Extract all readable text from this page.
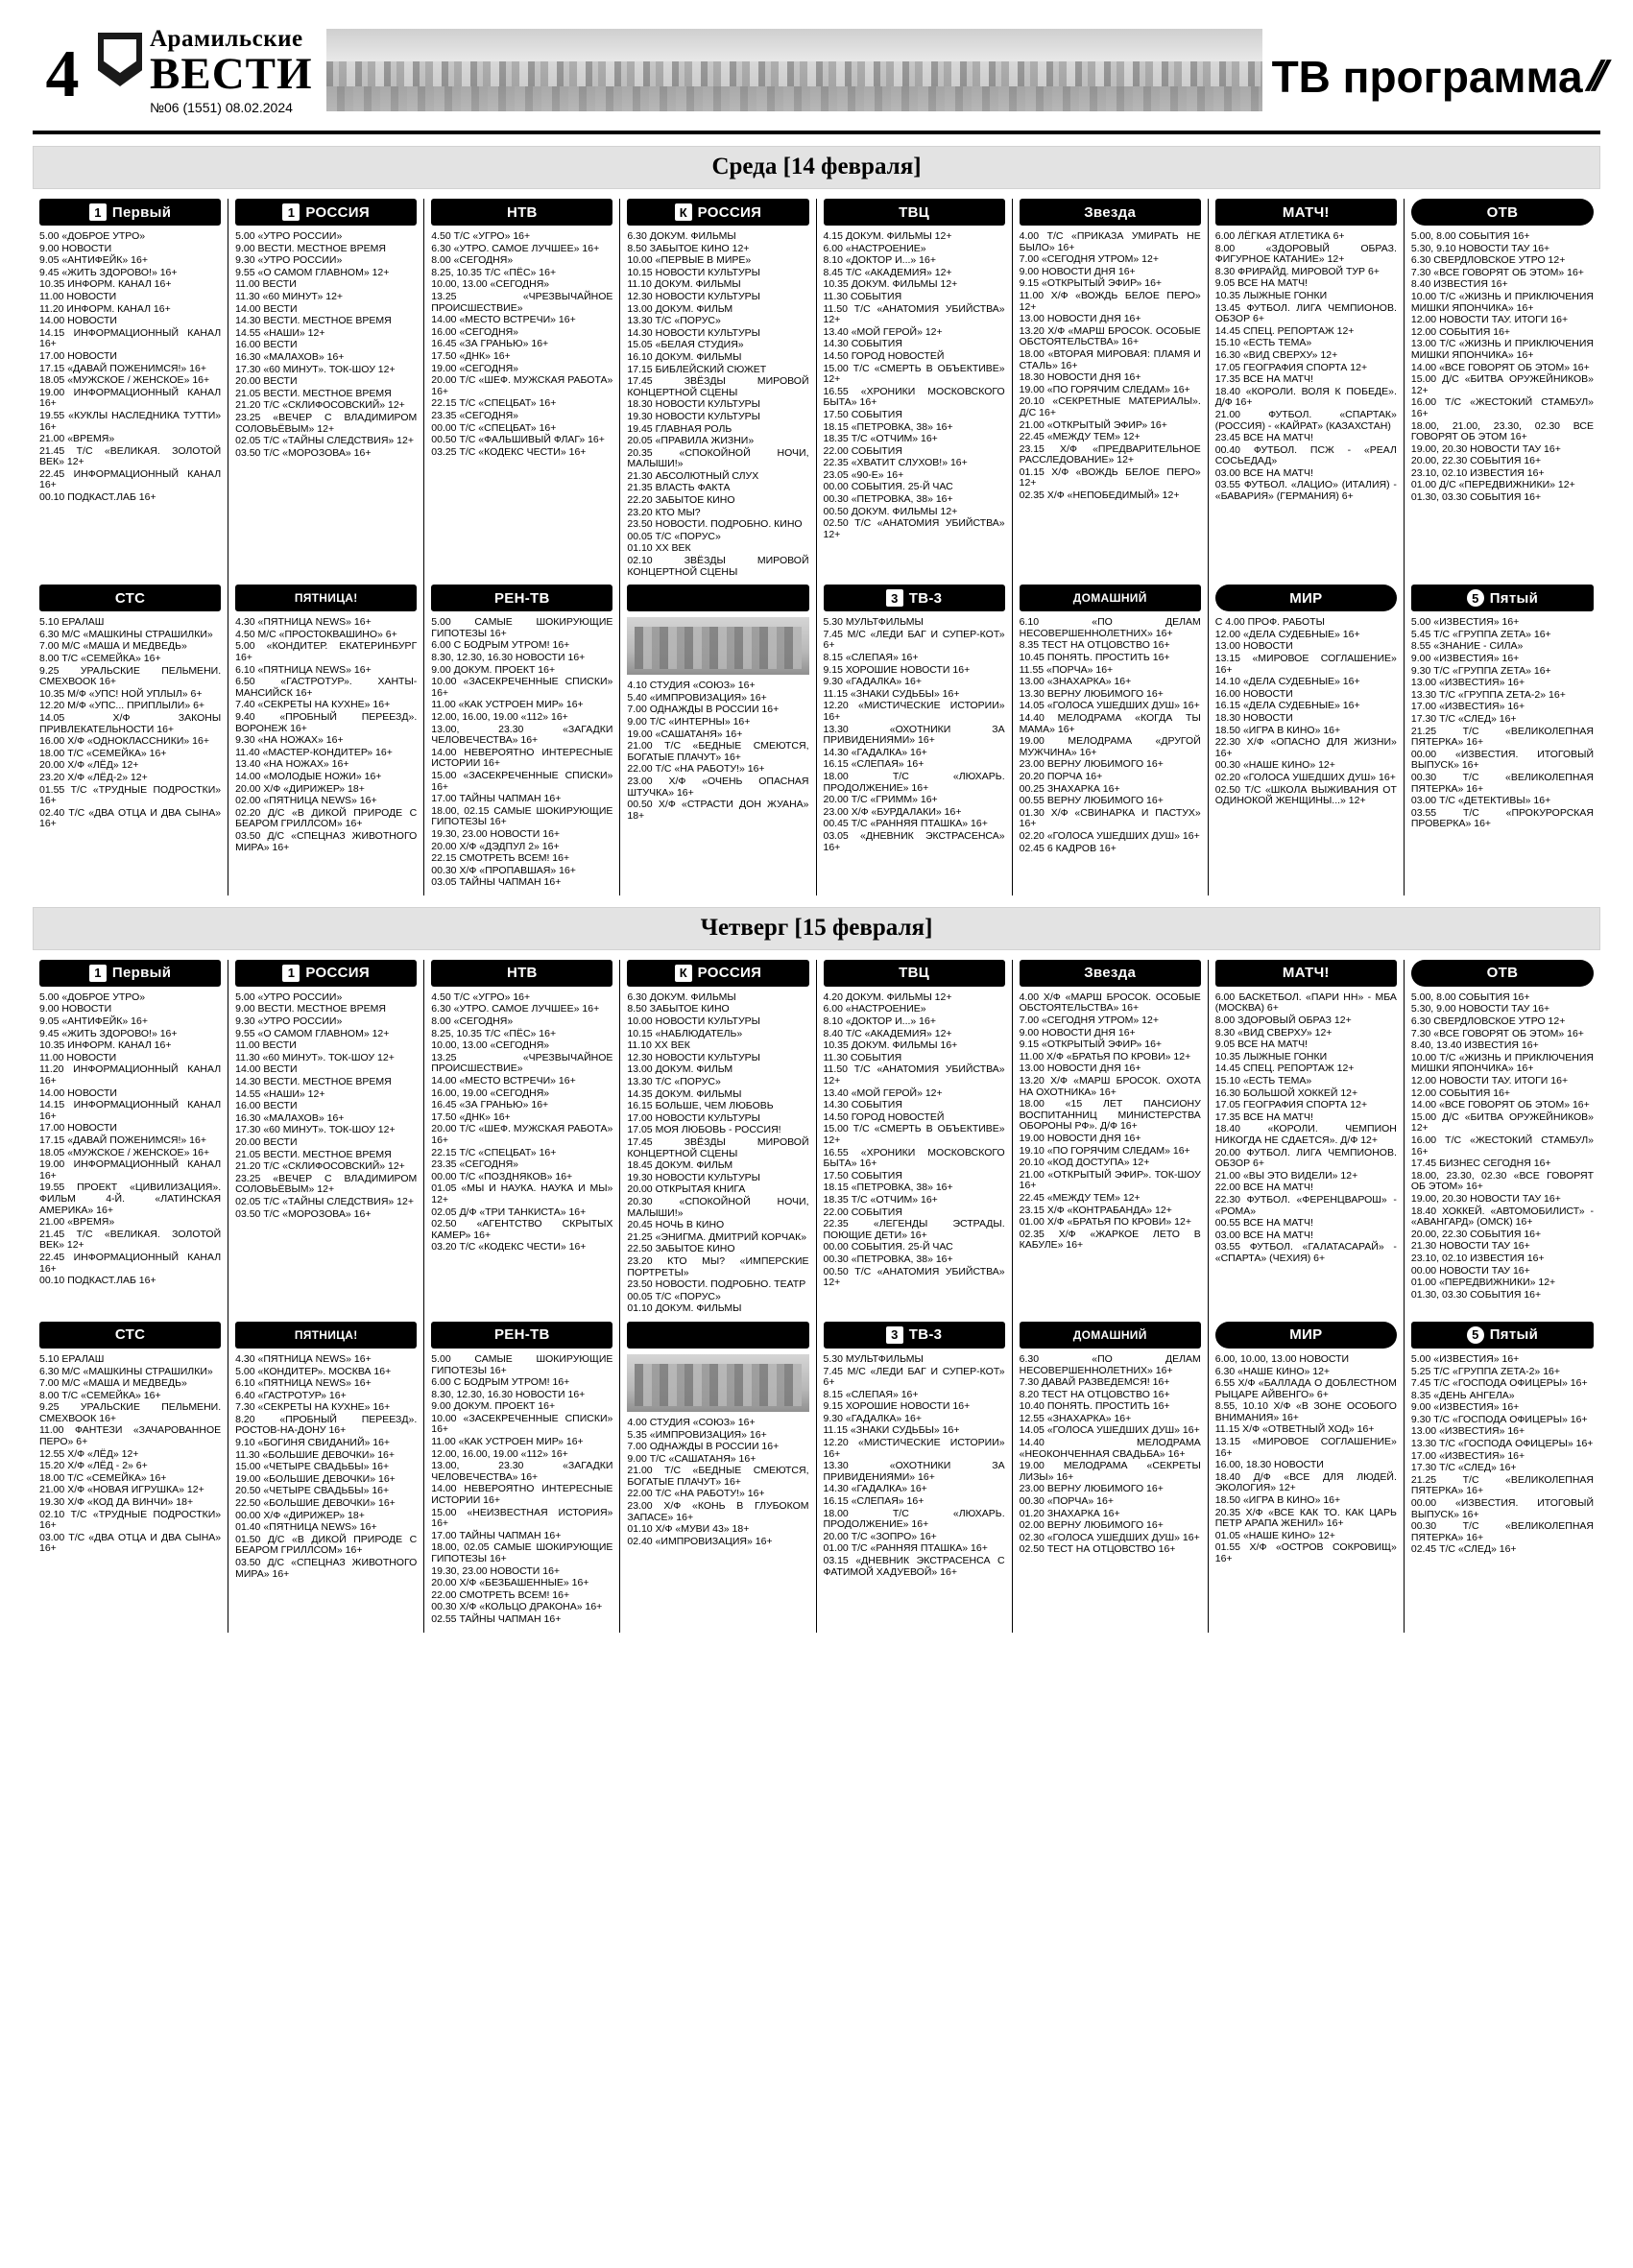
4	Арамильские
ВЕСТИ
№06 (1551) 08.02.2024
ТВ программа
//
Среда [14 февраля]
1 Первый
5.00 «ДОБРОЕ УТРО»
9.00 НОВОСТИ
9.05 «АНТИФЕЙК» 16+
9.45 «ЖИТЬ ЗДОРОВО!» 16+
10.35 ИНФОРМ. КАНАЛ 16+
11.00 НОВОСТИ
11.20 ИНФОРМ. КАНАЛ 16+
14.00 НОВОСТИ
14.15 ИНФОРМАЦИОННЫЙ КАНАЛ 16+
17.00 НОВОСТИ
17.15 «ДАВАЙ ПОЖЕНИМСЯ!» 16+
18.05 «МУЖСКОЕ / ЖЕНСКОЕ» 16+
19.00 ИНФОРМАЦИОННЫЙ КАНАЛ 16+
19.55 «КУКЛЫ НАСЛЕДНИКА ТУТТИ» 16+
21.00 «ВРЕМЯ»
21.45 Т/С «ВЕЛИКАЯ. ЗОЛОТОЙ ВЕК» 12+
22.45 ИНФОРМАЦИОННЫЙ КАНАЛ 16+
00.10 ПОДКАСТ.ЛАБ 16+
1 РОССИЯ
5.00 «УТРО РОССИИ»
9.00 ВЕСТИ. МЕСТНОЕ ВРЕМЯ
9.30 «УТРО РОССИИ»
9.55 «О САМОМ ГЛАВНОМ» 12+
11.00 ВЕСТИ
11.30 «60 МИНУТ» 12+
14.00 ВЕСТИ
14.30 ВЕСТИ. МЕСТНОЕ ВРЕМЯ
14.55 «НАШИ» 12+
16.00 ВЕСТИ
16.30 «МАЛАХОВ» 16+
17.30 «60 МИНУТ». ТОК-ШОУ 12+
20.00 ВЕСТИ
21.05 ВЕСТИ. МЕСТНОЕ ВРЕМЯ
21.20 Т/С «СКЛИФОСОВСКИЙ» 12+
23.25 «ВЕЧЕР С ВЛАДИМИРОМ СОЛОВЬЁВЫМ» 12+
02.05 Т/С «ТАЙНЫ СЛЕДСТВИЯ» 12+
03.50 Т/С «МОРОЗОВА» 16+
НТВ
4.50 Т/С «УГРО» 16+
6.30 «УТРО. САМОЕ ЛУЧШЕЕ» 16+
8.00 «СЕГОДНЯ»
8.25, 10.35 Т/С «ПЁС» 16+
10.00, 13.00 «СЕГОДНЯ»
13.25 «ЧРЕЗВЫЧАЙНОЕ ПРОИСШЕСТВИЕ»
14.00 «МЕСТО ВСТРЕЧИ» 16+
16.00 «СЕГОДНЯ»
16.45 «ЗА ГРАНЬЮ» 16+
17.50 «ДНК» 16+
19.00 «СЕГОДНЯ»
20.00 Т/С «ШЕФ. МУЖСКАЯ РАБОТА» 16+
22.15 Т/С «СПЕЦБАТ» 16+
23.35 «СЕГОДНЯ»
00.00 Т/С «СПЕЦБАТ» 16+
00.50 Т/С «ФАЛЬШИВЫЙ ФЛАГ» 16+
03.25 Т/С «КОДЕКС ЧЕСТИ» 16+
К РОССИЯ
6.30 ДОКУМ. ФИЛЬМЫ
8.50 ЗАБЫТОЕ КИНО 12+
10.00 «ПЕРВЫЕ В МИРЕ»
10.15 НОВОСТИ КУЛЬТУРЫ
11.10 ДОКУМ. ФИЛЬМЫ
12.30 НОВОСТИ КУЛЬТУРЫ
13.00 ДОКУМ. ФИЛЬМ
13.30 Т/С «ПОРУС»
14.30 НОВОСТИ КУЛЬТУРЫ
15.05 «БЕЛАЯ СТУДИЯ»
16.10 ДОКУМ. ФИЛЬМЫ
17.15 БИБЛЕЙСКИЙ СЮЖЕТ
17.45 ЗВЁЗДЫ МИРОВОЙ КОНЦЕРТНОЙ СЦЕНЫ
18.30 НОВОСТИ КУЛЬТУРЫ
19.30 НОВОСТИ КУЛЬТУРЫ
19.45 ГЛАВНАЯ РОЛЬ
20.05 «ПРАВИЛА ЖИЗНИ»
20.35 «СПОКОЙНОЙ НОЧИ, МАЛЫШИ!»
21.30 АБСОЛЮТНЫЙ СЛУХ
21.35 ВЛАСТЬ ФАКТА
22.20 ЗАБЫТОЕ КИНО
23.20 КТО МЫ?
23.50 НОВОСТИ. ПОДРОБНО. КИНО
00.05 Т/С «ПОРУС»
01.10 XX ВЕК
02.10 ЗВЁЗДЫ МИРОВОЙ КОНЦЕРТНОЙ СЦЕНЫ
ТВЦ
4.15 ДОКУМ. ФИЛЬМЫ 12+
6.00 «НАСТРОЕНИЕ»
8.10 «ДОКТОР И...» 16+
8.45 Т/С «АКАДЕМИЯ» 12+
10.35 ДОКУМ. ФИЛЬМЫ 12+
11.30 СОБЫТИЯ
11.50 Т/С «АНАТОМИЯ УБИЙСТВА» 12+
13.40 «МОЙ ГЕРОЙ» 12+
14.30 СОБЫТИЯ
14.50 ГОРОД НОВОСТЕЙ
15.00 Т/С «СМЕРТЬ В ОБЪЕКТИВЕ» 12+
16.55 «ХРОНИКИ МОСКОВСКОГО БЫТА» 16+
17.50 СОБЫТИЯ
18.15 «ПЕТРОВКА, 38» 16+
18.35 Т/С «ОТЧИМ» 16+
22.00 СОБЫТИЯ
22.35 «ХВАТИТ СЛУХОВ!» 16+
23.05 «90-Е» 16+
00.00 СОБЫТИЯ. 25-Й ЧАС
00.30 «ПЕТРОВКА, 38» 16+
00.50 ДОКУМ. ФИЛЬМЫ 12+
02.50 Т/С «АНАТОМИЯ УБИЙСТВА» 12+
Звезда
4.00 Т/С «ПРИКАЗА УМИРАТЬ НЕ БЫЛО» 16+
7.00 «СЕГОДНЯ УТРОМ» 12+
9.00 НОВОСТИ ДНЯ 16+
9.15 «ОТКРЫТЫЙ ЭФИР» 16+
11.00 Х/Ф «ВОЖДЬ БЕЛОЕ ПЕРО» 12+
13.00 НОВОСТИ ДНЯ 16+
13.20 Х/Ф «МАРШ БРОСОК. ОСОБЫЕ ОБСТОЯТЕЛЬСТВА» 16+
18.00 «ВТОРАЯ МИРОВАЯ: ПЛАМЯ И СТАЛЬ» 16+
18.30 НОВОСТИ ДНЯ 16+
19.00 «ПО ГОРЯЧИМ СЛЕДАМ» 16+
20.10 «СЕКРЕТНЫЕ МАТЕРИАЛЫ». Д/С 16+
21.00 «ОТКРЫТЫЙ ЭФИР» 16+
22.45 «МЕЖДУ ТЕМ» 12+
23.15 Х/Ф «ПРЕДВАРИТЕЛЬНОЕ РАССЛЕДОВАНИЕ» 12+
01.15 Х/Ф «ВОЖДЬ БЕЛОЕ ПЕРО» 12+
02.35 Х/Ф «НЕПОБЕДИМЫЙ» 12+
МАТЧ!
6.00 ЛЁГКАЯ АТЛЕТИКА 6+
8.00 «ЗДОРОВЫЙ ОБРАЗ. ФИГУРНОЕ КАТАНИЕ» 12+
8.30 ФРИРАЙД. МИРОВОЙ ТУР 6+
9.05 ВСЕ НА МАТЧ!
10.35 ЛЫЖНЫЕ ГОНКИ
13.45 ФУТБОЛ. ЛИГА ЧЕМПИОНОВ. ОБЗОР 6+
14.45 СПЕЦ. РЕПОРТАЖ 12+
15.10 «ЕСТЬ ТЕМА»
16.30 «ВИД СВЕРХУ» 12+
17.05 ГЕОГРАФИЯ СПОРТА 12+
17.35 ВСЕ НА МАТЧ!
18.40 «КОРОЛИ. ВОЛЯ К ПОБЕДЕ». Д/Ф 16+
21.00 ФУТБОЛ. «СПАРТАК» (РОССИЯ) - «КАЙРАТ» (КАЗАХСТАН)
23.45 ВСЕ НА МАТЧ!
00.40 ФУТБОЛ. ПСЖ - «РЕАЛ СОСЬЕДАД»
03.00 ВСЕ НА МАТЧ!
03.55 ФУТБОЛ. «ЛАЦИО» (ИТАЛИЯ) - «БАВАРИЯ» (ГЕРМАНИЯ) 6+
ОТВ
5.00, 8.00 СОБЫТИЯ 16+
5.30, 9.10 НОВОСТИ ТАУ 16+
6.30 СВЕРДЛОВСКОЕ УТРО 12+
7.30 «ВСЕ ГОВОРЯТ ОБ ЭТОМ» 16+
8.40 ИЗВЕСТИЯ 16+
10.00 Т/С «ЖИЗНЬ И ПРИКЛЮЧЕНИЯ МИШКИ ЯПОНЧИКА» 16+
12.00 НОВОСТИ ТАУ. ИТОГИ 16+
12.00 СОБЫТИЯ 16+
13.00 Т/С «ЖИЗНЬ И ПРИКЛЮЧЕНИЯ МИШКИ ЯПОНЧИКА» 16+
14.00 «ВСЕ ГОВОРЯТ ОБ ЭТОМ» 16+
15.00 Д/С «БИТВА ОРУЖЕЙНИКОВ» 12+
16.00 Т/С «ЖЕСТОКИЙ СТАМБУЛ» 16+
18.00, 21.00, 23.30, 02.30 ВСЕ ГОВОРЯТ ОБ ЭТОМ 16+
19.00, 20.30 НОВОСТИ ТАУ 16+
20.00, 22.30 СОБЫТИЯ 16+
23.10, 02.10 ИЗВЕСТИЯ 16+
01.00 Д/С «ПЕРЕДВИЖНИКИ» 12+
01.30, 03.30 СОБЫТИЯ 16+
СТС
5.10 ЕРАЛАШ
6.30 М/С «МАШКИНЫ СТРАШИЛКИ»
7.00 М/С «МАША И МЕДВЕДЬ»
8.00 Т/С «СЕМЕЙКА» 16+
9.25 УРАЛЬСКИЕ ПЕЛЬМЕНИ. СМЕХВООК 16+
10.35 М/Ф «УПС! НОЙ УПЛЫЛ» 6+
12.20 М/Ф «УПС... ПРИПЛЫЛИ» 6+
14.05 Х/Ф ЗАКОНЫ ПРИВЛЕКАТЕЛЬНОСТИ 16+
16.00 Х/Ф «ОДНОКЛАССНИКИ» 16+
18.00 Т/С «СЕМЕЙКА» 16+
20.00 Х/Ф «ЛЁД» 12+
23.20 Х/Ф «ЛЁД-2» 12+
01.55 Т/С «ТРУДНЫЕ ПОДРОСТКИ» 16+
02.40 Т/С «ДВА ОТЦА И ДВА СЫНА» 16+
ПЯТНИЦА!
4.30 «ПЯТНИЦА NEWS» 16+
4.50 М/С «ПРОСТОКВАШИНО» 6+
5.00 «КОНДИТЕР. ЕКАТЕРИНБУРГ 16+
6.10 «ПЯТНИЦА NEWS» 16+
6.50 «ГАСТРОТУР». ХАНТЫ-МАНСИЙСК 16+
7.40 «СЕКРЕТЫ НА КУХНЕ» 16+
9.40 «ПРОБНЫЙ ПЕРЕЕЗД». ВОРОНЕЖ 16+
9.30 «НА НОЖАХ» 16+
11.40 «МАСТЕР-КОНДИТЕР» 16+
13.40 «НА НОЖАХ» 16+
14.00 «МОЛОДЫЕ НОЖИ» 16+
20.00 Х/Ф «ДИРИЖЕР» 18+
02.00 «ПЯТНИЦА NEWS» 16+
02.20 Д/С «В ДИКОЙ ПРИРОДЕ С БЕАРОМ ГРИЛЛСОМ» 16+
03.50 Д/С «СПЕЦНАЗ ЖИВОТНОГО МИРА» 16+
РЕН-ТВ
5.00 САМЫЕ ШОКИРУЮЩИЕ ГИПОТЕЗЫ 16+
6.00 С БОДРЫМ УТРОМ! 16+
8.30, 12.30, 16.30 НОВОСТИ 16+
9.00 ДОКУМ. ПРОЕКТ 16+
10.00 «ЗАСЕКРЕЧЕННЫЕ СПИСКИ» 16+
11.00 «КАК УСТРОЕН МИР» 16+
12.00, 16.00, 19.00 «112» 16+
13.00, 23.30 «ЗАГАДКИ ЧЕЛОВЕЧЕСТВА» 16+
14.00 НЕВЕРОЯТНО ИНТЕРЕСНЫЕ ИСТОРИИ 16+
15.00 «ЗАСЕКРЕЧЕННЫЕ СПИСКИ» 16+
17.00 ТАЙНЫ ЧАПМАН 16+
18.00, 02.15 САМЫЕ ШОКИРУЮЩИЕ ГИПОТЕЗЫ 16+
19.30, 23.00 НОВОСТИ 16+
20.00 Х/Ф «ДЭДПУЛ 2» 16+
22.15 СМОТРЕТЬ ВСЕМ! 16+
00.30 Х/Ф «ПРОПАВШАЯ» 16+
03.05 ТАЙНЫ ЧАПМАН 16+
4.10 СТУДИЯ «СОЮЗ» 16+
5.40 «ИМПРОВИЗАЦИЯ» 16+
7.00 ОДНАЖДЫ В РОССИИ 16+
9.00 Т/С «ИНТЕРНЫ» 16+
19.00 «САШАТАНЯ» 16+
21.00 Т/С «БЕДНЫЕ СМЕЮТСЯ, БОГАТЫЕ ПЛАЧУТ» 16+
22.00 Т/С «НА РАБОТУ!» 16+
23.00 Х/Ф «ОЧЕНЬ ОПАСНАЯ ШТУЧКА» 16+
00.50 Х/Ф «СТРАСТИ ДОН ЖУАНА» 18+
3 ТВ-3
5.30 МУЛЬТФИЛЬМЫ
7.45 М/С «ЛЕДИ БАГ И СУПЕР-КОТ» 6+
8.15 «СЛЕПАЯ» 16+
9.15 ХОРОШИЕ НОВОСТИ 16+
9.30 «ГАДАЛКА» 16+
11.15 «ЗНАКИ СУДЬБЫ» 16+
12.20 «МИСТИЧЕСКИЕ ИСТОРИИ» 16+
13.30 «ОХОТНИКИ ЗА ПРИВИДЕНИЯМИ» 16+
14.30 «ГАДАЛКА» 16+
16.15 «СЛЕПАЯ» 16+
18.00 Т/С «ЛЮХАРЬ. ПРОДОЛЖЕНИЕ» 16+
20.00 Т/С «ГРИММ» 16+
23.00 Х/Ф «БУРДАЛАКИ» 16+
00.45 Т/С «РАННЯЯ ПТАШКА» 16+
03.05 «ДНЕВНИК ЭКСТРАСЕНСА» 16+
ДОМАШНИЙ
6.10 «ПО ДЕЛАМ НЕСОВЕРШЕННОЛЕТНИХ» 16+
8.35 ТЕСТ НА ОТЦОВСТВО 16+
10.45 ПОНЯТЬ. ПРОСТИТЬ 16+
11.55 «ПОРЧА» 16+
13.00 «ЗНАХАРКА» 16+
13.30 ВЕРНУ ЛЮБИМОГО 16+
14.05 «ГОЛОСА УШЕДШИХ ДУШ» 16+
14.40 МЕЛОДРАМА «КОГДА ТЫ МАМА» 16+
19.00 МЕЛОДРАМА «ДРУГОЙ МУЖЧИНА» 16+
23.00 ВЕРНУ ЛЮБИМОГО 16+
20.20 ПОРЧА 16+
00.25 ЗНАХАРКА 16+
00.55 ВЕРНУ ЛЮБИМОГО 16+
01.30 Х/Ф «СВИНАРКА И ПАСТУХ» 16+
02.20 «ГОЛОСА УШЕДШИХ ДУШ» 16+
02.45 6 КАДРОВ 16+
МИР
С 4.00 ПРОФ. РАБОТЫ
12.00 «ДЕЛА СУДЕБНЫЕ» 16+
13.00 НОВОСТИ
13.15 «МИРОВОЕ СОГЛАШЕНИЕ» 16+
14.10 «ДЕЛА СУДЕБНЫЕ» 16+
16.00 НОВОСТИ
16.15 «ДЕЛА СУДЕБНЫЕ» 16+
18.30 НОВОСТИ
18.50 «ИГРА В КИНО» 16+
22.30 Х/Ф «ОПАСНО ДЛЯ ЖИЗНИ» 16+
00.30 «НАШЕ КИНО» 12+
02.20 «ГОЛОСА УШЕДШИХ ДУШ» 16+
02.50 Т/С «ШКОЛА ВЫЖИВАНИЯ ОТ ОДИНОКОЙ ЖЕНЩИНЫ...» 12+
5 Пятый
5.00 «ИЗВЕСТИЯ» 16+
5.45 Т/С «ГРУППА ZETA» 16+
8.55 «ЗНАНИЕ - СИЛА»
9.00 «ИЗВЕСТИЯ» 16+
9.30 Т/С «ГРУППА ZETA» 16+
13.00 «ИЗВЕСТИЯ» 16+
13.30 Т/С «ГРУППА ZETA-2» 16+
17.00 «ИЗВЕСТИЯ» 16+
17.30 Т/С «СЛЕД» 16+
21.25 Т/С «ВЕЛИКОЛЕПНАЯ ПЯТЕРКА» 16+
00.00 «ИЗВЕСТИЯ. ИТОГОВЫЙ ВЫПУСК» 16+
00.30 Т/С «ВЕЛИКОЛЕПНАЯ ПЯТЕРКА» 16+
03.00 Т/С «ДЕТЕКТИВЫ» 16+
03.55 Т/С «ПРОКУРОРСКАЯ ПРОВЕРКА» 16+
Четверг [15 февраля]
1 Первый
5.00 «ДОБРОЕ УТРО»
9.00 НОВОСТИ
9.05 «АНТИФЕЙК» 16+
9.45 «ЖИТЬ ЗДОРОВО!» 16+
10.35 ИНФОРМ. КАНАЛ 16+
11.00 НОВОСТИ
11.20 ИНФОРМАЦИОННЫЙ КАНАЛ 16+
14.00 НОВОСТИ
14.15 ИНФОРМАЦИОННЫЙ КАНАЛ 16+
17.00 НОВОСТИ
17.15 «ДАВАЙ ПОЖЕНИМСЯ!» 16+
18.05 «МУЖСКОЕ / ЖЕНСКОЕ» 16+
19.00 ИНФОРМАЦИОННЫЙ КАНАЛ 16+
19.55 ПРОЕКТ «ЦИВИЛИЗАЦИЯ». ФИЛЬМ 4-Й. «ЛАТИНСКАЯ АМЕРИКА» 16+
21.00 «ВРЕМЯ»
21.45 Т/С «ВЕЛИКАЯ. ЗОЛОТОЙ ВЕК» 12+
22.45 ИНФОРМАЦИОННЫЙ КАНАЛ 16+
00.10 ПОДКАСТ.ЛАБ 16+
1 РОССИЯ
5.00 «УТРО РОССИИ»
9.00 ВЕСТИ. МЕСТНОЕ ВРЕМЯ
9.30 «УТРО РОССИИ»
9.55 «О САМОМ ГЛАВНОМ» 12+
11.00 ВЕСТИ
11.30 «60 МИНУТ». ТОК-ШОУ 12+
14.00 ВЕСТИ
14.30 ВЕСТИ. МЕСТНОЕ ВРЕМЯ
14.55 «НАШИ» 12+
16.00 ВЕСТИ
16.30 «МАЛАХОВ» 16+
17.30 «60 МИНУТ». ТОК-ШОУ 12+
20.00 ВЕСТИ
21.05 ВЕСТИ. МЕСТНОЕ ВРЕМЯ
21.20 Т/С «СКЛИФОСОВСКИЙ» 12+
23.25 «ВЕЧЕР С ВЛАДИМИРОМ СОЛОВЬЁВЫМ» 12+
02.05 Т/С «ТАЙНЫ СЛЕДСТВИЯ» 12+
03.50 Т/С «МОРОЗОВА» 16+
НТВ
4.50 Т/С «УГРО» 16+
6.30 «УТРО. САМОЕ ЛУЧШЕЕ» 16+
8.00 «СЕГОДНЯ»
8.25, 10.35 Т/С «ПЁС» 16+
10.00, 13.00 «СЕГОДНЯ»
13.25 «ЧРЕЗВЫЧАЙНОЕ ПРОИСШЕСТВИЕ»
14.00 «МЕСТО ВСТРЕЧИ» 16+
16.00, 19.00 «СЕГОДНЯ»
16.45 «ЗА ГРАНЬЮ» 16+
17.50 «ДНК» 16+
20.00 Т/С «ШЕФ. МУЖСКАЯ РАБОТА» 16+
22.15 Т/С «СПЕЦБАТ» 16+
23.35 «СЕГОДНЯ»
00.00 Т/С «ПОЗДНЯКОВ» 16+
01.05 «МЫ И НАУКА. НАУКА И МЫ» 12+
02.05 Д/Ф «ТРИ ТАНКИСТА» 16+
02.50 «АГЕНТСТВО СКРЫТЫХ КАМЕР» 16+
03.20 Т/С «КОДЕКС ЧЕСТИ» 16+
К РОССИЯ
6.30 ДОКУМ. ФИЛЬМЫ
8.50 ЗАБЫТОЕ КИНО
10.00 НОВОСТИ КУЛЬТУРЫ
10.15 «НАБЛЮДАТЕЛЬ»
11.10 XX ВЕК
12.30 НОВОСТИ КУЛЬТУРЫ
13.00 ДОКУМ. ФИЛЬМ
13.30 Т/С «ПОРУС»
14.35 ДОКУМ. ФИЛЬМЫ
16.15 БОЛЬШЕ, ЧЕМ ЛЮБОВЬ
17.00 НОВОСТИ КУЛЬТУРЫ
17.05 МОЯ ЛЮБОВЬ - РОССИЯ!
17.45 ЗВЁЗДЫ МИРОВОЙ КОНЦЕРТНОЙ СЦЕНЫ
18.45 ДОКУМ. ФИЛЬМ
19.30 НОВОСТИ КУЛЬТУРЫ
20.00 ОТКРЫТАЯ КНИГА
20.30 «СПОКОЙНОЙ НОЧИ, МАЛЫШИ!»
20.45 НОЧЬ В КИНО
21.25 «ЭНИГМА. ДМИТРИЙ КОРЧАК»
22.50 ЗАБЫТОЕ КИНО
23.20 КТО МЫ? «ИМПЕРСКИЕ ПОРТРЕТЫ»
23.50 НОВОСТИ. ПОДРОБНО. ТЕАТР
00.05 Т/С «ПОРУС»
01.10 ДОКУМ. ФИЛЬМЫ
ТВЦ
4.20 ДОКУМ. ФИЛЬМЫ 12+
6.00 «НАСТРОЕНИЕ»
8.10 «ДОКТОР И...» 16+
8.40 Т/С «АКАДЕМИЯ» 12+
10.35 ДОКУМ. ФИЛЬМЫ 16+
11.30 СОБЫТИЯ
11.50 Т/С «АНАТОМИЯ УБИЙСТВА» 12+
13.40 «МОЙ ГЕРОЙ» 12+
14.30 СОБЫТИЯ
14.50 ГОРОД НОВОСТЕЙ
15.00 Т/С «СМЕРТЬ В ОБЪЕКТИВЕ» 12+
16.55 «ХРОНИКИ МОСКОВСКОГО БЫТА» 16+
17.50 СОБЫТИЯ
18.15 «ПЕТРОВКА, 38» 16+
18.35 Т/С «ОТЧИМ» 16+
22.00 СОБЫТИЯ
22.35 «ЛЕГЕНДЫ ЭСТРАДЫ. ПОЮЩИЕ ДЕТИ» 16+
00.00 СОБЫТИЯ. 25-Й ЧАС
00.30 «ПЕТРОВКА, 38» 16+
00.50 Т/С «АНАТОМИЯ УБИЙСТВА» 12+
Звезда
4.00 Х/Ф «МАРШ БРОСОК. ОСОБЫЕ ОБСТОЯТЕЛЬСТВА» 16+
7.00 «СЕГОДНЯ УТРОМ» 12+
9.00 НОВОСТИ ДНЯ 16+
9.15 «ОТКРЫТЫЙ ЭФИР» 16+
11.00 Х/Ф «БРАТЬЯ ПО КРОВИ» 12+
13.00 НОВОСТИ ДНЯ 16+
13.20 Х/Ф «МАРШ БРОСОК. ОХОТА НА ОХОТНИКА» 16+
18.00 «15 ЛЕТ ПАНСИОНУ ВОСПИТАННИЦ МИНИСТЕРСТВА ОБОРОНЫ РФ». Д/Ф 16+
19.00 НОВОСТИ ДНЯ 16+
19.10 «ПО ГОРЯЧИМ СЛЕДАМ» 16+
20.10 «КОД ДОСТУПА» 12+
21.00 «ОТКРЫТЫЙ ЭФИР». ТОК-ШОУ 16+
22.45 «МЕЖДУ ТЕМ» 12+
23.15 Х/Ф «КОНТРАБАНДА» 12+
01.00 Х/Ф «БРАТЬЯ ПО КРОВИ» 12+
02.35 Х/Ф «ЖАРКОЕ ЛЕТО В КАБУЛЕ» 16+
МАТЧ!
6.00 БАСКЕТБОЛ. «ПАРИ НН» - МБА (МОСКВА) 6+
8.00 ЗДОРОВЫЙ ОБРАЗ 12+
8.30 «ВИД СВЕРХУ» 12+
9.05 ВСЕ НА МАТЧ!
10.35 ЛЫЖНЫЕ ГОНКИ
14.45 СПЕЦ. РЕПОРТАЖ 12+
15.10 «ЕСТЬ ТЕМА»
16.30 БОЛЬШОЙ ХОККЕЙ 12+
17.05 ГЕОГРАФИЯ СПОРТА 12+
17.35 ВСЕ НА МАТЧ!
18.40 «КОРОЛИ. ЧЕМПИОН НИКОГДА НЕ СДАЕТСЯ». Д/Ф 12+
20.00 ФУТБОЛ. ЛИГА ЧЕМПИОНОВ. ОБЗОР 6+
21.00 «ВЫ ЭТО ВИДЕЛИ» 12+
22.00 ВСЕ НА МАТЧ!
22.30 ФУТБОЛ. «ФЕРЕНЦВАРОШ» - «РОМА»
00.55 ВСЕ НА МАТЧ!
03.00 ВСЕ НА МАТЧ!
03.55 ФУТБОЛ. «ГАЛАТАСАРАЙ» - «СПАРТА» (ЧЕХИЯ) 6+
ОТВ
5.00, 8.00 СОБЫТИЯ 16+
5.30, 9.00 НОВОСТИ ТАУ 16+
6.30 СВЕРДЛОВСКОЕ УТРО 12+
7.30 «ВСЕ ГОВОРЯТ ОБ ЭТОМ» 16+
8.40, 13.40 ИЗВЕСТИЯ 16+
10.00 Т/С «ЖИЗНЬ И ПРИКЛЮЧЕНИЯ МИШКИ ЯПОНЧИКА» 16+
12.00 НОВОСТИ ТАУ. ИТОГИ 16+
12.00 СОБЫТИЯ 16+
14.00 «ВСЕ ГОВОРЯТ ОБ ЭТОМ» 16+
15.00 Д/С «БИТВА ОРУЖЕЙНИКОВ» 12+
16.00 Т/С «ЖЕСТОКИЙ СТАМБУЛ» 16+
17.45 БИЗНЕС СЕГОДНЯ 16+
18.00, 23.30, 02.30 «ВСЕ ГОВОРЯТ ОБ ЭТОМ» 16+
19.00, 20.30 НОВОСТИ ТАУ 16+
18.40 ХОККЕЙ. «АВТОМОБИЛИСТ» - «АВАНГАРД» (ОМСК) 16+
20.00, 22.30 СОБЫТИЯ 16+
21.30 НОВОСТИ ТАУ 16+
23.10, 02.10 ИЗВЕСТИЯ 16+
00.00 НОВОСТИ ТАУ 16+
01.00 «ПЕРЕДВИЖНИКИ» 12+
01.30, 03.30 СОБЫТИЯ 16+
СТС
5.10 ЕРАЛАШ
6.30 М/С «МАШКИНЫ СТРАШИЛКИ»
7.00 М/С «МАША И МЕДВЕДЬ»
8.00 Т/С «СЕМЕЙКА» 16+
9.25 УРАЛЬСКИЕ ПЕЛЬМЕНИ. СМЕХВООК 16+
11.00 ФАНТЕЗИ «ЗАЧАРОВАННОЕ ПЕРО» 6+
12.55 Х/Ф «ЛЁД» 12+
15.20 Х/Ф «ЛЁД - 2» 6+
18.00 Т/С «СЕМЕЙКА» 16+
21.00 Х/Ф «НОВАЯ ИГРУШКА» 12+
19.30 Х/Ф «КОД ДА ВИНЧИ» 18+
02.10 Т/С «ТРУДНЫЕ ПОДРОСТКИ» 16+
03.00 Т/С «ДВА ОТЦА И ДВА СЫНА» 16+
ПЯТНИЦА!
4.30 «ПЯТНИЦА NEWS» 16+
5.00 «КОНДИТЕР». МОСКВА 16+
6.10 «ПЯТНИЦА NEWS» 16+
6.40 «ГАСТРОТУР» 16+
7.30 «СЕКРЕТЫ НА КУХНЕ» 16+
8.20 «ПРОБНЫЙ ПЕРЕЕЗД». РОСТОВ-НА-ДОНУ 16+
9.10 «БОГИНЯ СВИДАНИЙ» 16+
11.30 «БОЛЬШИЕ ДЕВОЧКИ» 16+
15.00 «ЧЕТЫРЕ СВАДЬБЫ» 16+
19.00 «БОЛЬШИЕ ДЕВОЧКИ» 16+
20.50 «ЧЕТЫРЕ СВАДЬБЫ» 16+
22.50 «БОЛЬШИЕ ДЕВОЧКИ» 16+
00.00 Х/Ф «ДИРИЖЕР» 18+
01.40 «ПЯТНИЦА NEWS» 16+
01.50 Д/С «В ДИКОЙ ПРИРОДЕ С БЕАРОМ ГРИЛЛСОМ» 16+
03.50 Д/С «СПЕЦНАЗ ЖИВОТНОГО МИРА» 16+
РЕН-ТВ
5.00 САМЫЕ ШОКИРУЮЩИЕ ГИПОТЕЗЫ 16+
6.00 С БОДРЫМ УТРОМ! 16+
8.30, 12.30, 16.30 НОВОСТИ 16+
9.00 ДОКУМ. ПРОЕКТ 16+
10.00 «ЗАСЕКРЕЧЕННЫЕ СПИСКИ» 16+
11.00 «КАК УСТРОЕН МИР» 16+
12.00, 16.00, 19.00 «112» 16+
13.00, 23.30 «ЗАГАДКИ ЧЕЛОВЕЧЕСТВА» 16+
14.00 НЕВЕРОЯТНО ИНТЕРЕСНЫЕ ИСТОРИИ 16+
15.00 «НЕИЗВЕСТНАЯ ИСТОРИЯ» 16+
17.00 ТАЙНЫ ЧАПМАН 16+
18.00, 02.05 САМЫЕ ШОКИРУЮЩИЕ ГИПОТЕЗЫ 16+
19.30, 23.00 НОВОСТИ 16+
20.00 Х/Ф «БЕЗБАШЕННЫЕ» 16+
22.00 СМОТРЕТЬ ВСЕМ! 16+
00.30 Х/Ф «КОЛЬЦО ДРАКОНА» 16+
02.55 ТАЙНЫ ЧАПМАН 16+
4.00 СТУДИЯ «СОЮЗ» 16+
5.35 «ИМПРОВИЗАЦИЯ» 16+
7.00 ОДНАЖДЫ В РОССИИ 16+
9.00 Т/С «САШАТАНЯ» 16+
21.00 Т/С «БЕДНЫЕ СМЕЮТСЯ, БОГАТЫЕ ПЛАЧУТ» 16+
22.00 Т/С «НА РАБОТУ!» 16+
23.00 Х/Ф «КОНЬ В ГЛУБОКОМ ЗАПАСЕ» 16+
01.10 Х/Ф «МУВИ 43» 18+
02.40 «ИМПРОВИЗАЦИЯ» 16+
3 ТВ-3
5.30 МУЛЬТФИЛЬМЫ
7.45 М/С «ЛЕДИ БАГ И СУПЕР-КОТ» 6+
8.15 «СЛЕПАЯ» 16+
9.15 ХОРОШИЕ НОВОСТИ 16+
9.30 «ГАДАЛКА» 16+
11.15 «ЗНАКИ СУДЬБЫ» 16+
12.20 «МИСТИЧЕСКИЕ ИСТОРИИ» 16+
13.30 «ОХОТНИКИ ЗА ПРИВИДЕНИЯМИ» 16+
14.30 «ГАДАЛКА» 16+
16.15 «СЛЕПАЯ» 16+
18.00 Т/С «ЛЮХАРЬ. ПРОДОЛЖЕНИЕ» 16+
20.00 Т/С «ЗОПРО» 16+
01.00 Т/С «РАННЯЯ ПТАШКА» 16+
03.15 «ДНЕВНИК ЭКСТРАСЕНСА С ФАТИМОЙ ХАДУЕВОЙ» 16+
ДОМАШНИЙ
6.30 «ПО ДЕЛАМ НЕСОВЕРШЕННОЛЕТНИХ» 16+
7.30 ДАВАЙ РАЗВЕДЕМСЯ! 16+
8.20 ТЕСТ НА ОТЦОВСТВО 16+
10.40 ПОНЯТЬ. ПРОСТИТЬ 16+
12.55 «ЗНАХАРКА» 16+
14.05 «ГОЛОСА УШЕДШИХ ДУШ» 16+
14.40 МЕЛОДРАМА «НЕОКОНЧЕННАЯ СВАДЬБА» 16+
19.00 МЕЛОДРАМА «СЕКРЕТЫ ЛИЗЫ» 16+
23.00 ВЕРНУ ЛЮБИМОГО 16+
00.30 «ПОРЧА» 16+
01.20 ЗНАХАРКА 16+
02.00 ВЕРНУ ЛЮБИМОГО 16+
02.30 «ГОЛОСА УШЕДШИХ ДУШ» 16+
02.50 ТЕСТ НА ОТЦОВСТВО 16+
МИР
6.00, 10.00, 13.00 НОВОСТИ
6.30 «НАШЕ КИНО» 12+
6.55 Х/Ф «БАЛЛАДА О ДОБЛЕСТНОМ РЫЦАРЕ АЙВЕНГО» 6+
8.55, 10.10 Х/Ф «В ЗОНЕ ОСОБОГО ВНИМАНИЯ» 16+
11.15 Х/Ф «ОТВЕТНЫЙ ХОД» 16+
13.15 «МИРОВОЕ СОГЛАШЕНИЕ» 16+
16.00, 18.30 НОВОСТИ
18.40 Д/Ф «ВСЕ ДЛЯ ЛЮДЕЙ. ЭКОЛОГИЯ» 12+
18.50 «ИГРА В КИНО» 16+
20.35 Х/Ф «ВСЕ КАК ТО. КАК ЦАРЬ ПЕТР АРАПА ЖЕНИЛ» 16+
01.05 «НАШЕ КИНО» 12+
01.55 Х/Ф «ОСТРОВ СОКРОВИЩ» 16+
5 Пятый
5.00 «ИЗВЕСТИЯ» 16+
5.25 Т/С «ГРУППА ZETA-2» 16+
7.45 Т/С «ГОСПОДА ОФИЦЕРЫ» 16+
8.35 «ДЕНЬ АНГЕЛА»
9.00 «ИЗВЕСТИЯ» 16+
9.30 Т/С «ГОСПОДА ОФИЦЕРЫ» 16+
13.00 «ИЗВЕСТИЯ» 16+
13.30 Т/С «ГОСПОДА ОФИЦЕРЫ» 16+
17.00 «ИЗВЕСТИЯ» 16+
17.30 Т/С «СЛЕД» 16+
21.25 Т/С «ВЕЛИКОЛЕПНАЯ ПЯТЕРКА» 16+
00.00 «ИЗВЕСТИЯ. ИТОГОВЫЙ ВЫПУСК» 16+
00.30 Т/С «ВЕЛИКОЛЕПНАЯ ПЯТЕРКА» 16+
02.45 Т/С «СЛЕД» 16+
